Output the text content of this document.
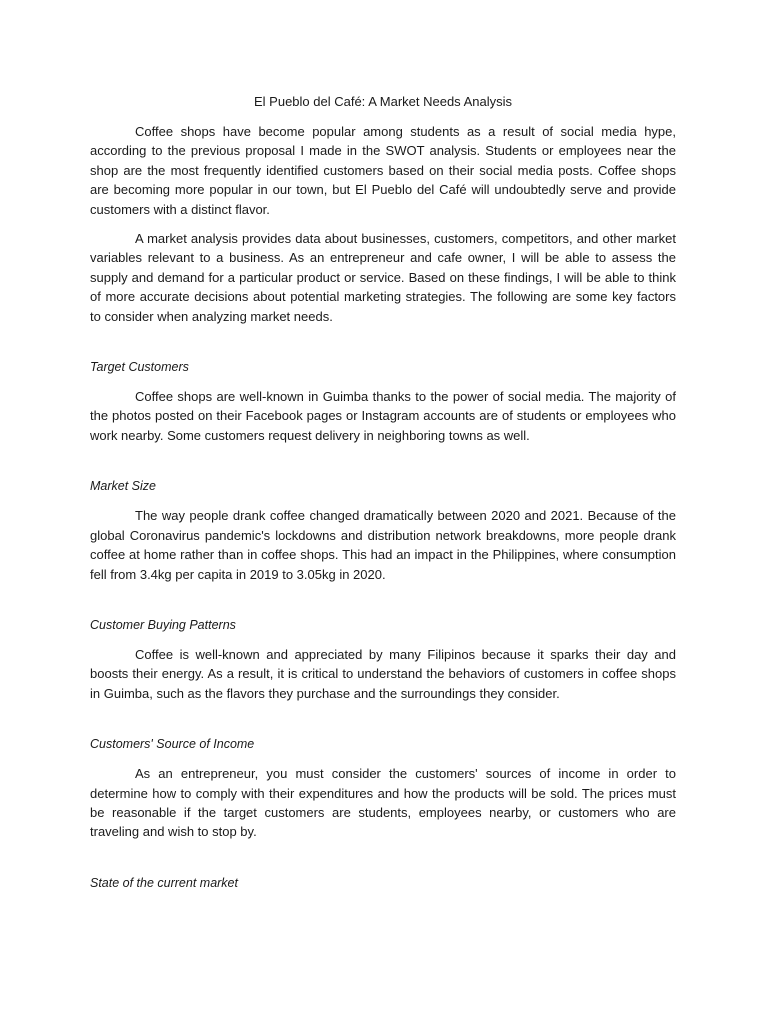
El Pueblo del Café: A Market Needs Analysis

Coffee shops have become popular among students as a result of social media hype, according to the previous proposal I made in the SWOT analysis. Students or employees near the shop are the most frequently identified customers based on their social media posts. Coffee shops are becoming more popular in our town, but El Pueblo del Café will undoubtedly serve and provide customers with a distinct flavor.

A market analysis provides data about businesses, customers, competitors, and other market variables relevant to a business. As an entrepreneur and cafe owner, I will be able to assess the supply and demand for a particular product or service. Based on these findings, I will be able to think of more accurate decisions about potential marketing strategies. The following are some key factors to consider when analyzing market needs.

Target Customers

Coffee shops are well-known in Guimba thanks to the power of social media. The majority of the photos posted on their Facebook pages or Instagram accounts are of students or employees who work nearby. Some customers request delivery in neighboring towns as well.

Market Size

The way people drank coffee changed dramatically between 2020 and 2021. Because of the global Coronavirus pandemic's lockdowns and distribution network breakdowns, more people drank coffee at home rather than in coffee shops. This had an impact in the Philippines, where consumption fell from 3.4kg per capita in 2019 to 3.05kg in 2020.

Customer Buying Patterns

Coffee is well-known and appreciated by many Filipinos because it sparks their day and boosts their energy. As a result, it is critical to understand the behaviors of customers in coffee shops in Guimba, such as the flavors they purchase and the surroundings they consider.

Customers' Source of Income

As an entrepreneur, you must consider the customers' sources of income in order to determine how to comply with their expenditures and how the products will be sold. The prices must be reasonable if the target customers are students, employees nearby, or customers who are traveling and wish to stop by.

State of the current market
